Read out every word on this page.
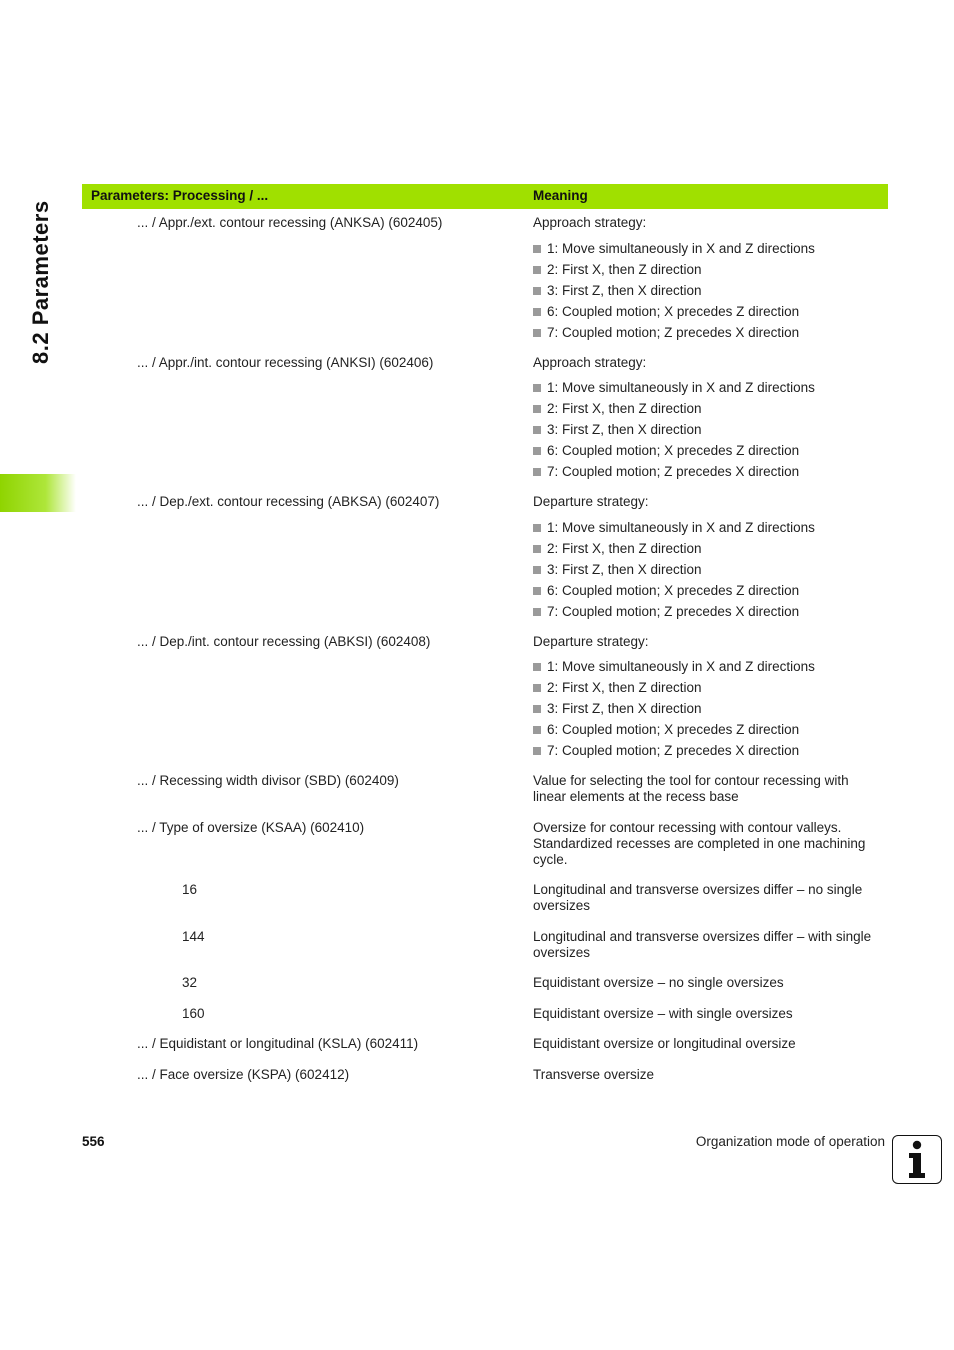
8.2 Parameters
Parameters: Processing / ...	Meaning
... / Appr./ext. contour recessing (ANKSA) (602405)	Approach strategy:
1: Move simultaneously in X and Z directions
2: First X, then Z direction
3: First Z, then X direction
6: Coupled motion; X precedes Z direction
7: Coupled motion; Z precedes X direction
... / Appr./int. contour recessing (ANKSI) (602406)	Approach strategy:
1: Move simultaneously in X and Z directions
2: First X, then Z direction
3: First Z, then X direction
6: Coupled motion; X precedes Z direction
7: Coupled motion; Z precedes X direction
... / Dep./ext. contour recessing (ABKSA) (602407)	Departure strategy:
1: Move simultaneously in X and Z directions
2: First X, then Z direction
3: First Z, then X direction
6: Coupled motion; X precedes Z direction
7: Coupled motion; Z precedes X direction
... / Dep./int. contour recessing (ABKSI) (602408)	Departure strategy:
1: Move simultaneously in X and Z directions
2: First X, then Z direction
3: First Z, then X direction
6: Coupled motion; X precedes Z direction
7: Coupled motion; Z precedes X direction
... / Recessing width divisor (SBD) (602409)	Value for selecting the tool for contour recessing with linear elements at the recess base
... / Type of oversize (KSAA) (602410)	Oversize for contour recessing with contour valleys. Standardized recesses are completed in one machining cycle.
16	Longitudinal and transverse oversizes differ – no single oversizes
144	Longitudinal and transverse oversizes differ – with single oversizes
32	Equidistant oversize – no single oversizes
160	Equidistant oversize – with single oversizes
... / Equidistant or longitudinal (KSLA) (602411)	Equidistant oversize or longitudinal oversize
... / Face oversize (KSPA) (602412)	Transverse oversize
556	Organization mode of operation
